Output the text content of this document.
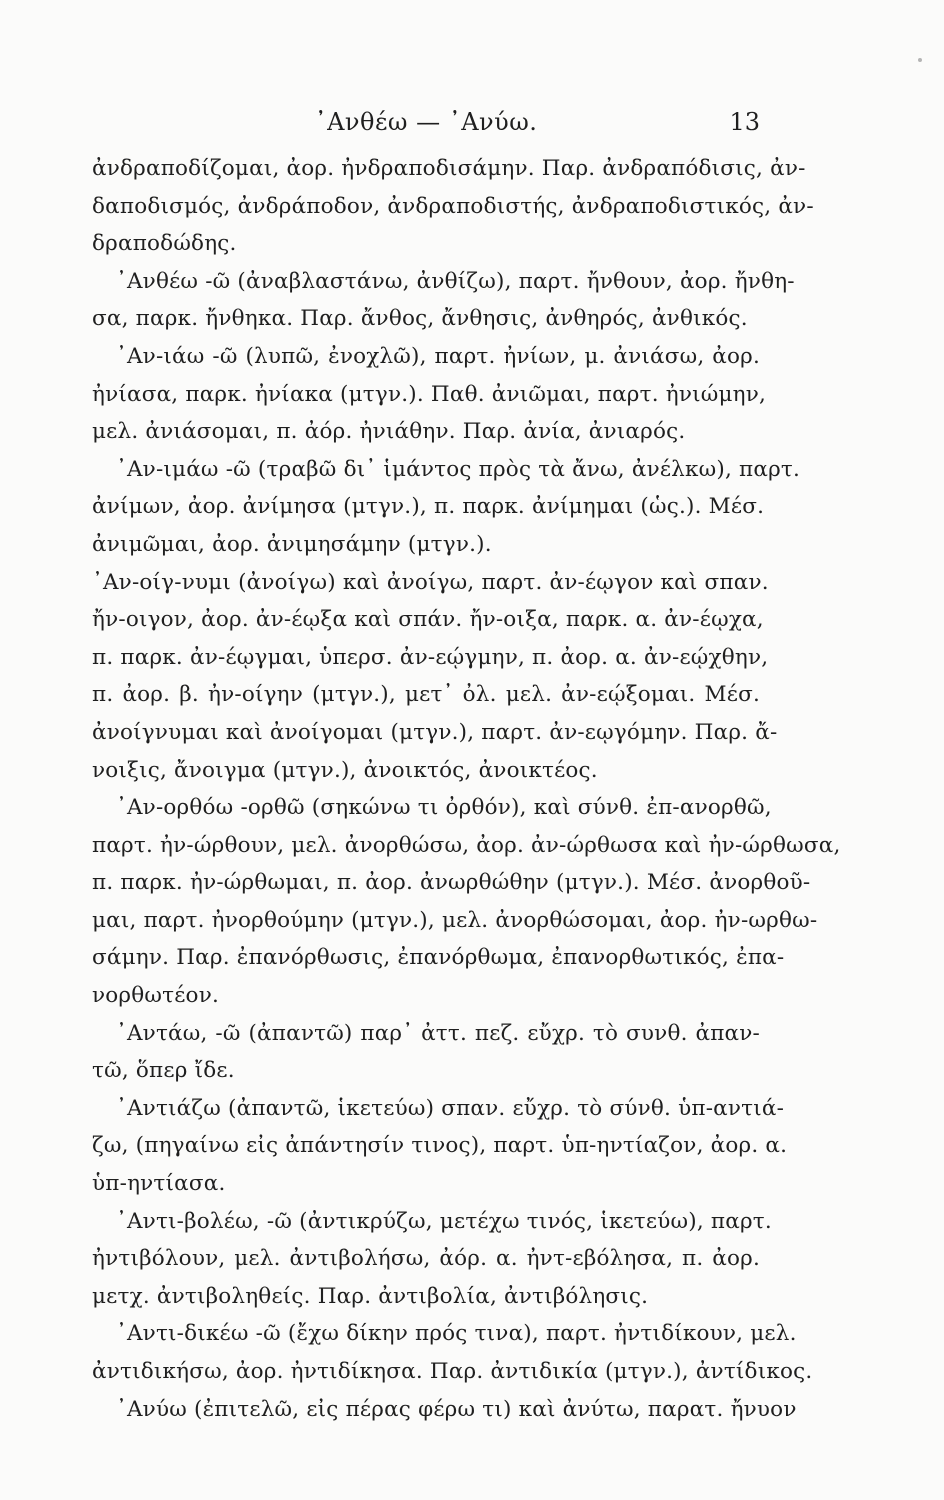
᾽Ανθέω — ᾽Ανύω.	13
ἀνδραποδίζομαι, ἀορ. ἠνδραποδισάμην. Παρ. ἀνδραπόδισις, ἀν-
δαποδισμός, ἀνδράποδον, ἀνδραποδιστής, ἀνδραποδιστικός, ἀν-
δραποδώδης.
᾽Ανθέω -ῶ (ἀναβλαστάνω, ἀνθίζω), παρτ. ἤνθουν, ἀορ. ἤνθη-
σα, παρκ. ἤνθηκα. Παρ. ἄνθος, ἄνθησις, ἀνθηρός, ἀνθικός.
᾽Αν-ιάω -ῶ (λυπῶ, ἐνοχλῶ), παρτ. ἠνίων, μ. ἀνιάσω, ἀορ.
ἠνίασα, παρκ. ἠνίακα (μτγν.). Παθ. ἀνιῶμαι, παρτ. ἠνιώμην,
μελ. ἀνιάσομαι, π. ἀόρ. ἠνιάθην. Παρ. ἀνία, ἀνιαρός.
᾽Αν-ιμάω -ῶ (τραβῶ δι᾽ ἱμάντος πρὸς τὰ ἄνω, ἀνέλκω), παρτ.
ἀνίμων, ἀορ. ἀνίμησα (μτγν.), π. παρκ. ἀνίμημαι (ὡς.). Μέσ.
ἀνιμῶμαι, ἀορ. ἀνιμησάμην (μτγν.).
᾽Αν-οίγ-νυμι (ἀνοίγω) καὶ ἀνοίγω, παρτ. ἀν-έῳγον καὶ σπαν.
ἤν-οιγον, ἀορ. ἀν-έῳξα καὶ σπάν. ἤν-οιξα, παρκ. α. ἀν-έῳχα,
π. παρκ. ἀν-έῳγμαι, ὑπερσ. ἀν-εῴγμην, π. ἀορ. α. ἀν-εῴχθην,
π. ἀορ. β. ἠν-οίγην (μτγν.), μετ᾽ ὀλ. μελ. ἀν-εῴξομαι. Μέσ.
ἀνοίγνυμαι καὶ ἀνοίγομαι (μτγν.), παρτ. ἀν-εῳγόμην. Παρ. ἄ-
νοιξις, ἄνοιγμα (μτγν.), ἀνοικτός, ἀνοικτέος.
᾽Αν-ορθόω -ορθῶ (σηκώνω τι ὀρθόν), καὶ σύνθ. ἐπ-ανορθῶ,
παρτ. ἠν-ώρθουν, μελ. ἀνορθώσω, ἀορ. ἀν-ώρθωσα καὶ ἠν-ώρθωσα,
π. παρκ. ἠν-ώρθωμαι, π. ἀορ. ἀνωρθώθην (μτγν.). Μέσ. ἀνορθοῦ-
μαι, παρτ. ἠνορθούμην (μτγν.), μελ. ἀνορθώσομαι, ἀορ. ἠν-ωρθω-
σάμην. Παρ. ἐπανόρθωσις, ἐπανόρθωμα, ἐπανορθωτικός, ἐπα-
νορθωτέον.
᾽Αντάω, -ῶ (ἀπαντῶ) παρ᾽ ἀττ. πεζ. εὔχρ. τὸ συνθ. ἀπαν-
τῶ, ὅπερ ἴδε.
᾽Αντιάζω (ἀπαντῶ, ἱκετεύω) σπαν. εὔχρ. τὸ σύνθ. ὑπ-αντιά-
ζω, (πηγαίνω εἰς ἀπάντησίν τινος), παρτ. ὑπ-ηντίαζον, ἀορ. α.
ὑπ-ηντίασα.
᾽Αντι-βολέω, -ῶ (ἀντικρύζω, μετέχω τινός, ἱκετεύω), παρτ.
ἠντιβόλουν, μελ. ἀντιβολήσω, ἀόρ. α. ἠντ-εβόλησα, π. ἀορ.
μετχ. ἀντιβοληθείς. Παρ. ἀντιβολία, ἀντιβόλησις.
᾽Αντι-δικέω -ῶ (ἔχω δίκην πρός τινα), παρτ. ἠντιδίκουν, μελ.
ἀντιδικήσω, ἀορ. ἠντιδίκησα. Παρ. ἀντιδικία (μτγν.), ἀντίδικος.
᾽Ανύω (ἐπιτελῶ, εἰς πέρας φέρω τι) καὶ ἀνύτω, παρατ. ἤνυον
